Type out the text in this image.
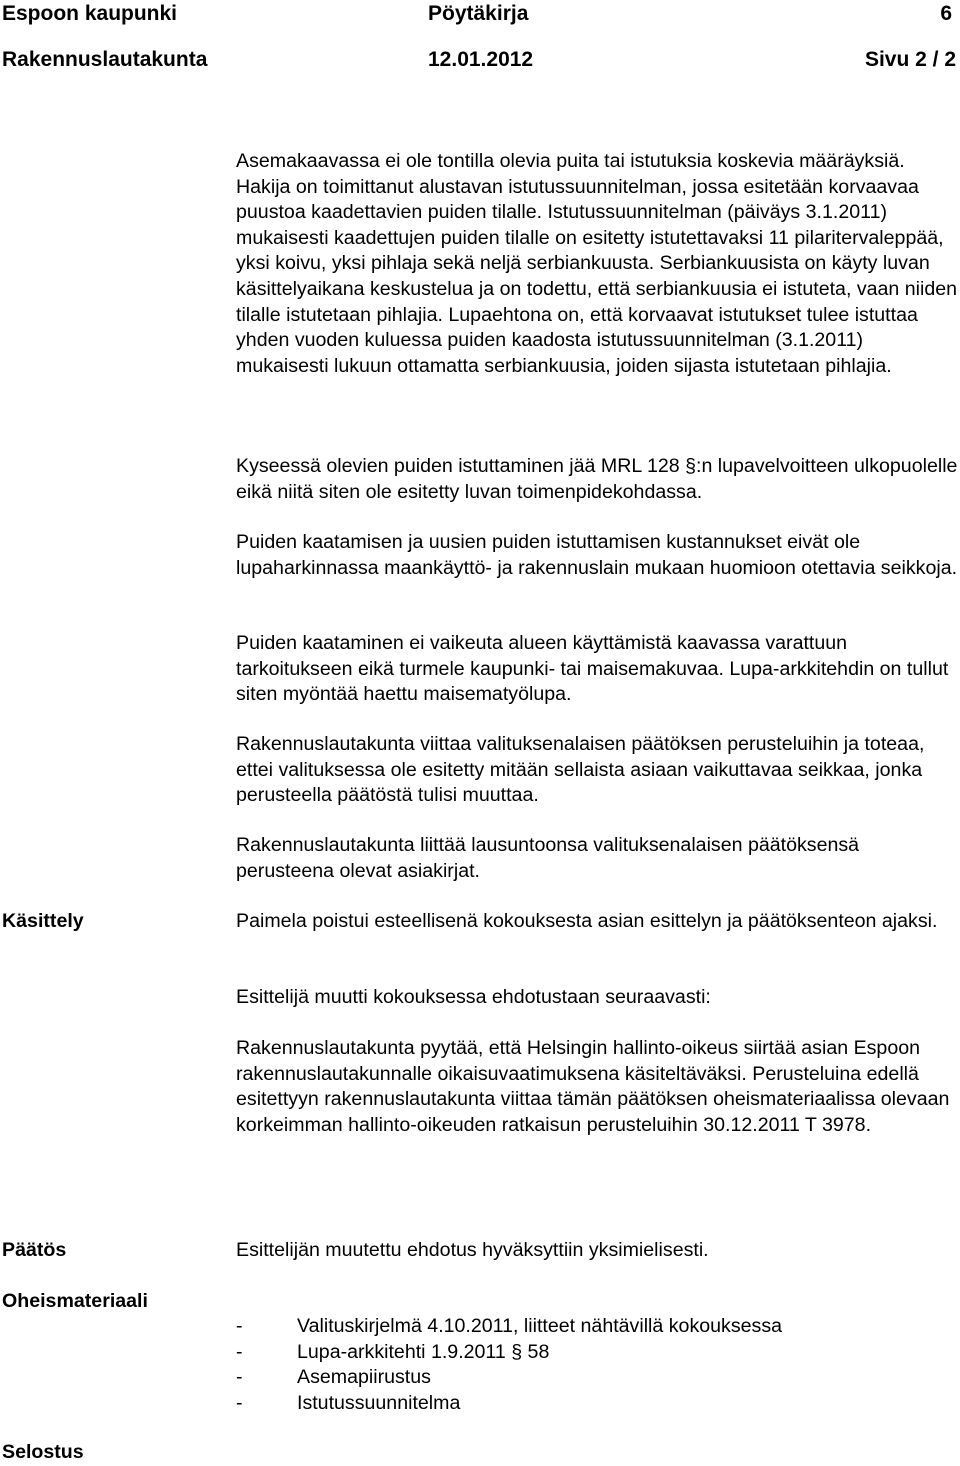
Espoon kaupunki	Pöytäkirja	6
Rakennuslautakunta	12.01.2012	Sivu 2 / 2

Asemakaavassa ei ole tontilla olevia puita tai istutuksia koskevia määräyksiä. Hakija on toimittanut alustavan istutussuunnitelman, jossa esitetään korvaavaa puustoa kaadettavien puiden tilalle. Istutussuunnitelman (päiväys 3.1.2011) mukaisesti kaadettujen puiden tilalle on esitetty istutettavaksi 11 pilaritervaleppää, yksi koivu, yksi pihlaja sekä neljä serbiankuusta. Serbiankuusista on käyty luvan käsittelyaikana keskustelua ja on todettu, että serbiankuusia ei istuteta, vaan niiden tilalle istutetaan pihlajia. Lupaehtona on, että korvaavat istutukset tulee istuttaa yhden vuoden kuluessa puiden kaadosta istutussuunnitelman (3.1.2011) mukaisesti lukuun ottamatta serbiankuusia, joiden sijasta istutetaan pihlajia.

Kyseessä olevien puiden istuttaminen jää MRL 128 §:n lupavelvoitteen ulkopuolelle eikä niitä siten ole esitetty luvan toimenpidekohdassa.

Puiden kaatamisen ja uusien puiden istuttamisen kustannukset eivät ole lupaharkinnassa maankäyttö- ja rakennuslain mukaan huomioon otettavia seikkoja.

Puiden kaataminen ei vaikeuta alueen käyttämistä kaavassa varattuun tarkoitukseen eikä turmele kaupunki- tai maisemakuvaa. Lupa-arkkitehdin on tullut siten myöntää haettu maisematyölupa.

Rakennuslautakunta viittaa valituksenalaisen päätöksen perusteluihin ja toteaa, ettei valituksessa ole esitetty mitään sellaista asiaan vaikuttavaa seikkaa, jonka perusteella päätöstä tulisi muuttaa.

Rakennuslautakunta liittää lausuntoonsa valituksenalaisen päätöksensä perusteena olevat asiakirjat.

Käsittely	Paimela poistui esteellisenä kokouksesta asian esittelyn ja päätöksenteon ajaksi.

Esittelijä muutti kokouksessa ehdotustaan seuraavasti:

Rakennuslautakunta pyytää, että Helsingin hallinto-oikeus siirtää asian Espoon rakennuslautakunnalle oikaisuvaatimuksena käsiteltäväksi. Perusteluina edellä esitettyyn rakennuslautakunta viittaa tämän päätöksen oheismateriaalissa olevaan korkeimman hallinto-oikeuden ratkaisun perusteluihin 30.12.2011 T 3978.

Päätös	Esittelijän muutettu ehdotus hyväksyttiin yksimielisesti.

Oheismateriaali
-	Valituskirjelmä 4.10.2011, liitteet nähtävillä kokouksessa
-	Lupa-arkkitehti 1.9.2011 § 58
-	Asemapiirustus
-	Istutussuunnitelma
Selostus
